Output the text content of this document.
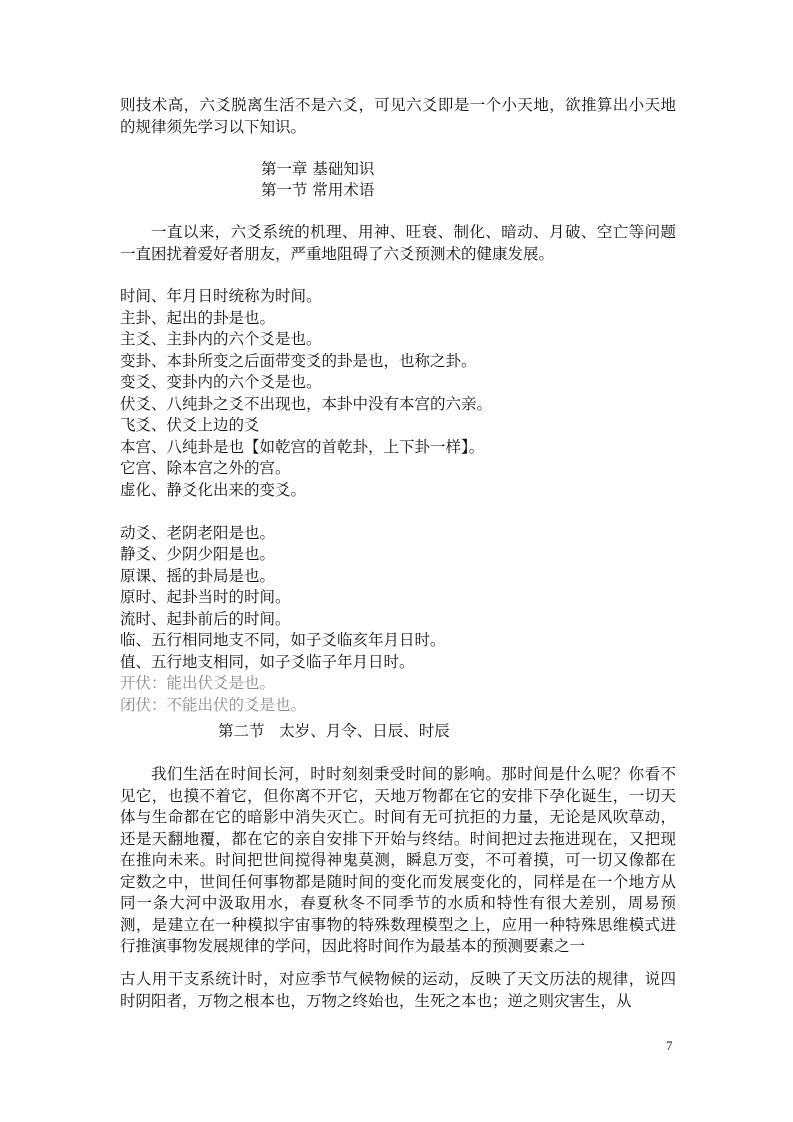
则技术高，六爻脱离生活不是六爻，可见六爻即是一个小天地，欲推算出小天地的规律须先学习以下知识。

第一章 基础知识
第一节 常用术语

一直以来，六爻系统的机理、用神、旺衰、制化、暗动、月破、空亡等问题一直困扰着爱好者朋友，严重地阻碍了六爻预测术的健康发展。

时间、年月日时统称为时间。
主卦、起出的卦是也。
主爻、主卦内的六个爻是也。
变卦、本卦所变之后面带变爻的卦是也，也称之卦。
变爻、变卦内的六个爻是也。
伏爻、八纯卦之爻不出现也，本卦中没有本宫的六亲。
飞爻、伏爻上边的爻
本宫、八纯卦是也【如乾宫的首乾卦，上下卦一样】。
它宫、除本宫之外的宫。
虚化、静爻化出来的变爻。
动爻、老阴老阳是也。
静爻、少阴少阳是也。
原课、摇的卦局是也。
原时、起卦当时的时间。
流时、起卦前后的时间。
临、五行相同地支不同，如子爻临亥年月日时。
值、五行地支相同，如子爻临子年月日时。
开伏：能出伏爻是也。
闭伏：不能出伏的爻是也。
第二节   太岁、月令、日辰、时辰

我们生活在时间长河，时时刻刻秉受时间的影响。那时间是什么呢？你看不见它，也摸不着它，但你离不开它，天地万物都在它的安排下孕化诞生，一切天体与生命都在它的暗影中消失灭亡。时间有无可抗拒的力量，无论是风吹草动，还是天翻地覆，都在它的亲自安排下开始与终结。时间把过去拖进现在，又把现在推向未来。时间把世间搅得神鬼莫测，瞬息万变，不可着摸，可一切又像都在定数之中，世间任何事物都是随时间的变化而发展变化的，同样是在一个地方从同一条大河中汲取用水，春夏秋冬不同季节的水质和特性有很大差别，周易预测，是建立在一种模拟宇宙事物的特殊数理模型之上，应用一种特殊思维模式进行推演事物发展规律的学问，因此将时间作为最基本的预测要素之一

古人用干支系统计时，对应季节气候物候的运动，反映了天文历法的规律，说四时阴阳者，万物之根本也，万物之终始也，生死之本也；逆之则灾害生，从

7
